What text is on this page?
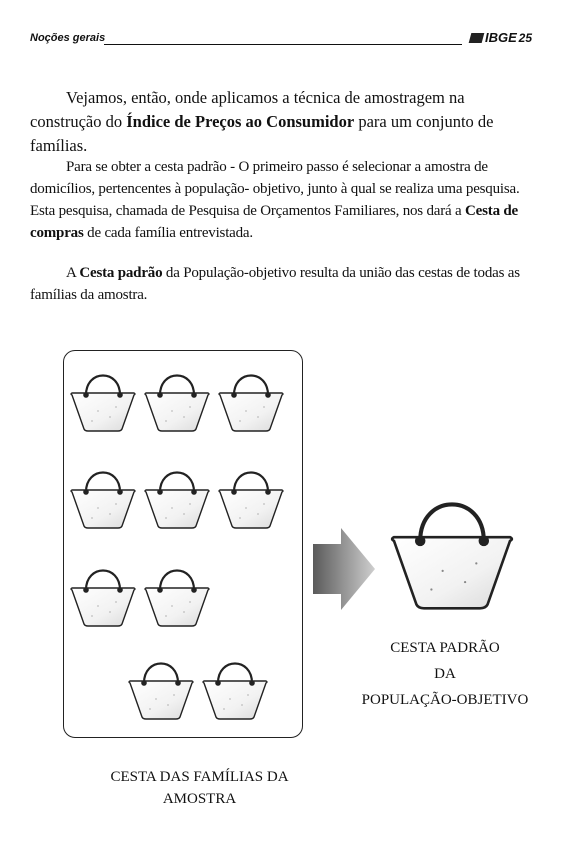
Noções gerais	IBGE 25

Vejamos, então, onde aplicamos a técnica de amostragem na construção do Índice de Preços ao Consumidor para um conjunto de famílias.

Para se obter a cesta padrão - O primeiro passo é selecionar a amostra de domicílios, pertencentes à população- objetivo, junto à qual se realiza uma pesquisa. Esta pesquisa, chamada de Pesquisa de Orçamentos Familiares, nos dará a Cesta de compras de cada família entrevistada.

A Cesta padrão da População-objetivo resulta da união das cestas de todas as famílias da amostra.

CESTA PADRÃO
DA
POPULAÇÃO-OBJETIVO
CESTA DAS FAMÍLIAS DA
AMOSTRA
